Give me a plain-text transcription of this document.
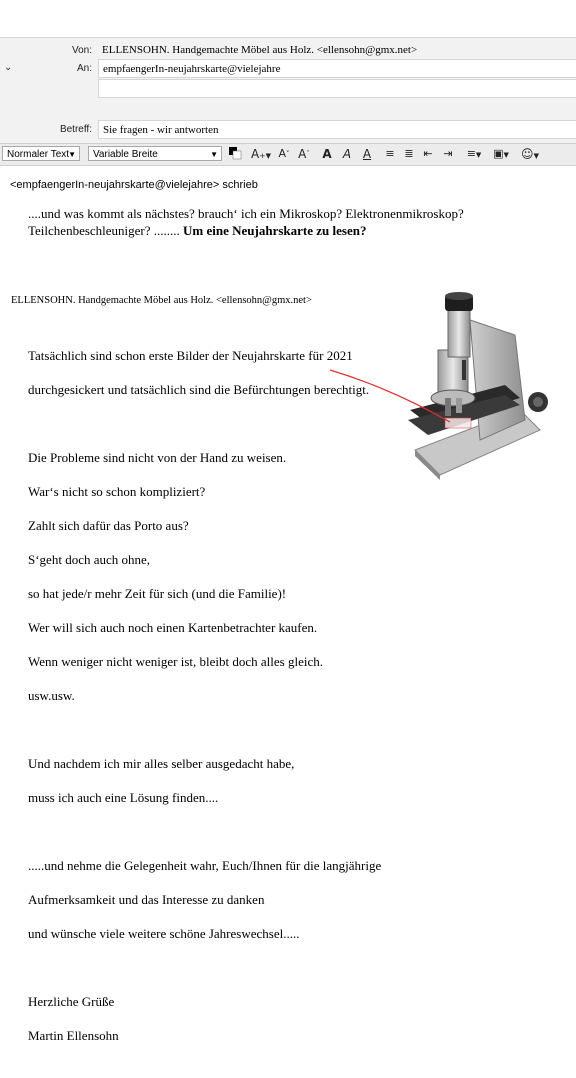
Von: ELLENSOHN. Handgemachte Möbel aus Holz. <ellensohn@gmx.net>
⌄	An:	empfaengerIn-neujahrskarte@vielejahre
Betreff:	Sie fragen - wir antworten
Normaler Text ▼	Variable Breite	▼	A₊▼ A˅ $A^ˆ$ A A A ≡ ≣ ⇤ ⇥ ≡▼ ▣▼ ☺▼
<empfaengerIn-neujahrskarte@vielejahre> schrieb
....und was kommt als nächstes? brauch‘ ich ein Mikroskop? Elektronenmikroskop?
Teilchenbeschleuniger? ........ Um eine Neujahrskarte zu lesen?
ELLENSOHN. Handgemachte Möbel aus Holz. <ellensohn@gmx.net>

Tatsächlich sind schon erste Bilder der Neujahrskarte für 2021

durchgesickert und tatsächlich sind die Befürchtungen berechtigt.

Die Probleme sind nicht von der Hand zu weisen.

War‘s nicht so schon kompliziert?

Zahlt sich dafür das Porto aus?

S‘geht doch auch ohne,

so hat jede/r mehr Zeit für sich (und die Familie)!

Wer will sich auch noch einen Kartenbetrachter kaufen.

Wenn weniger nicht weniger ist, bleibt doch alles gleich.

usw.usw.

Und nachdem ich mir alles selber ausgedacht habe,

muss ich auch eine Lösung finden....

.....und nehme die Gelegenheit wahr, Euch/Ihnen für die langjährige

Aufmerksamkeit und das Interesse zu danken

und wünsche viele weitere schöne Jahreswechsel.....

Herzliche Grüße

Martin Ellensohn
